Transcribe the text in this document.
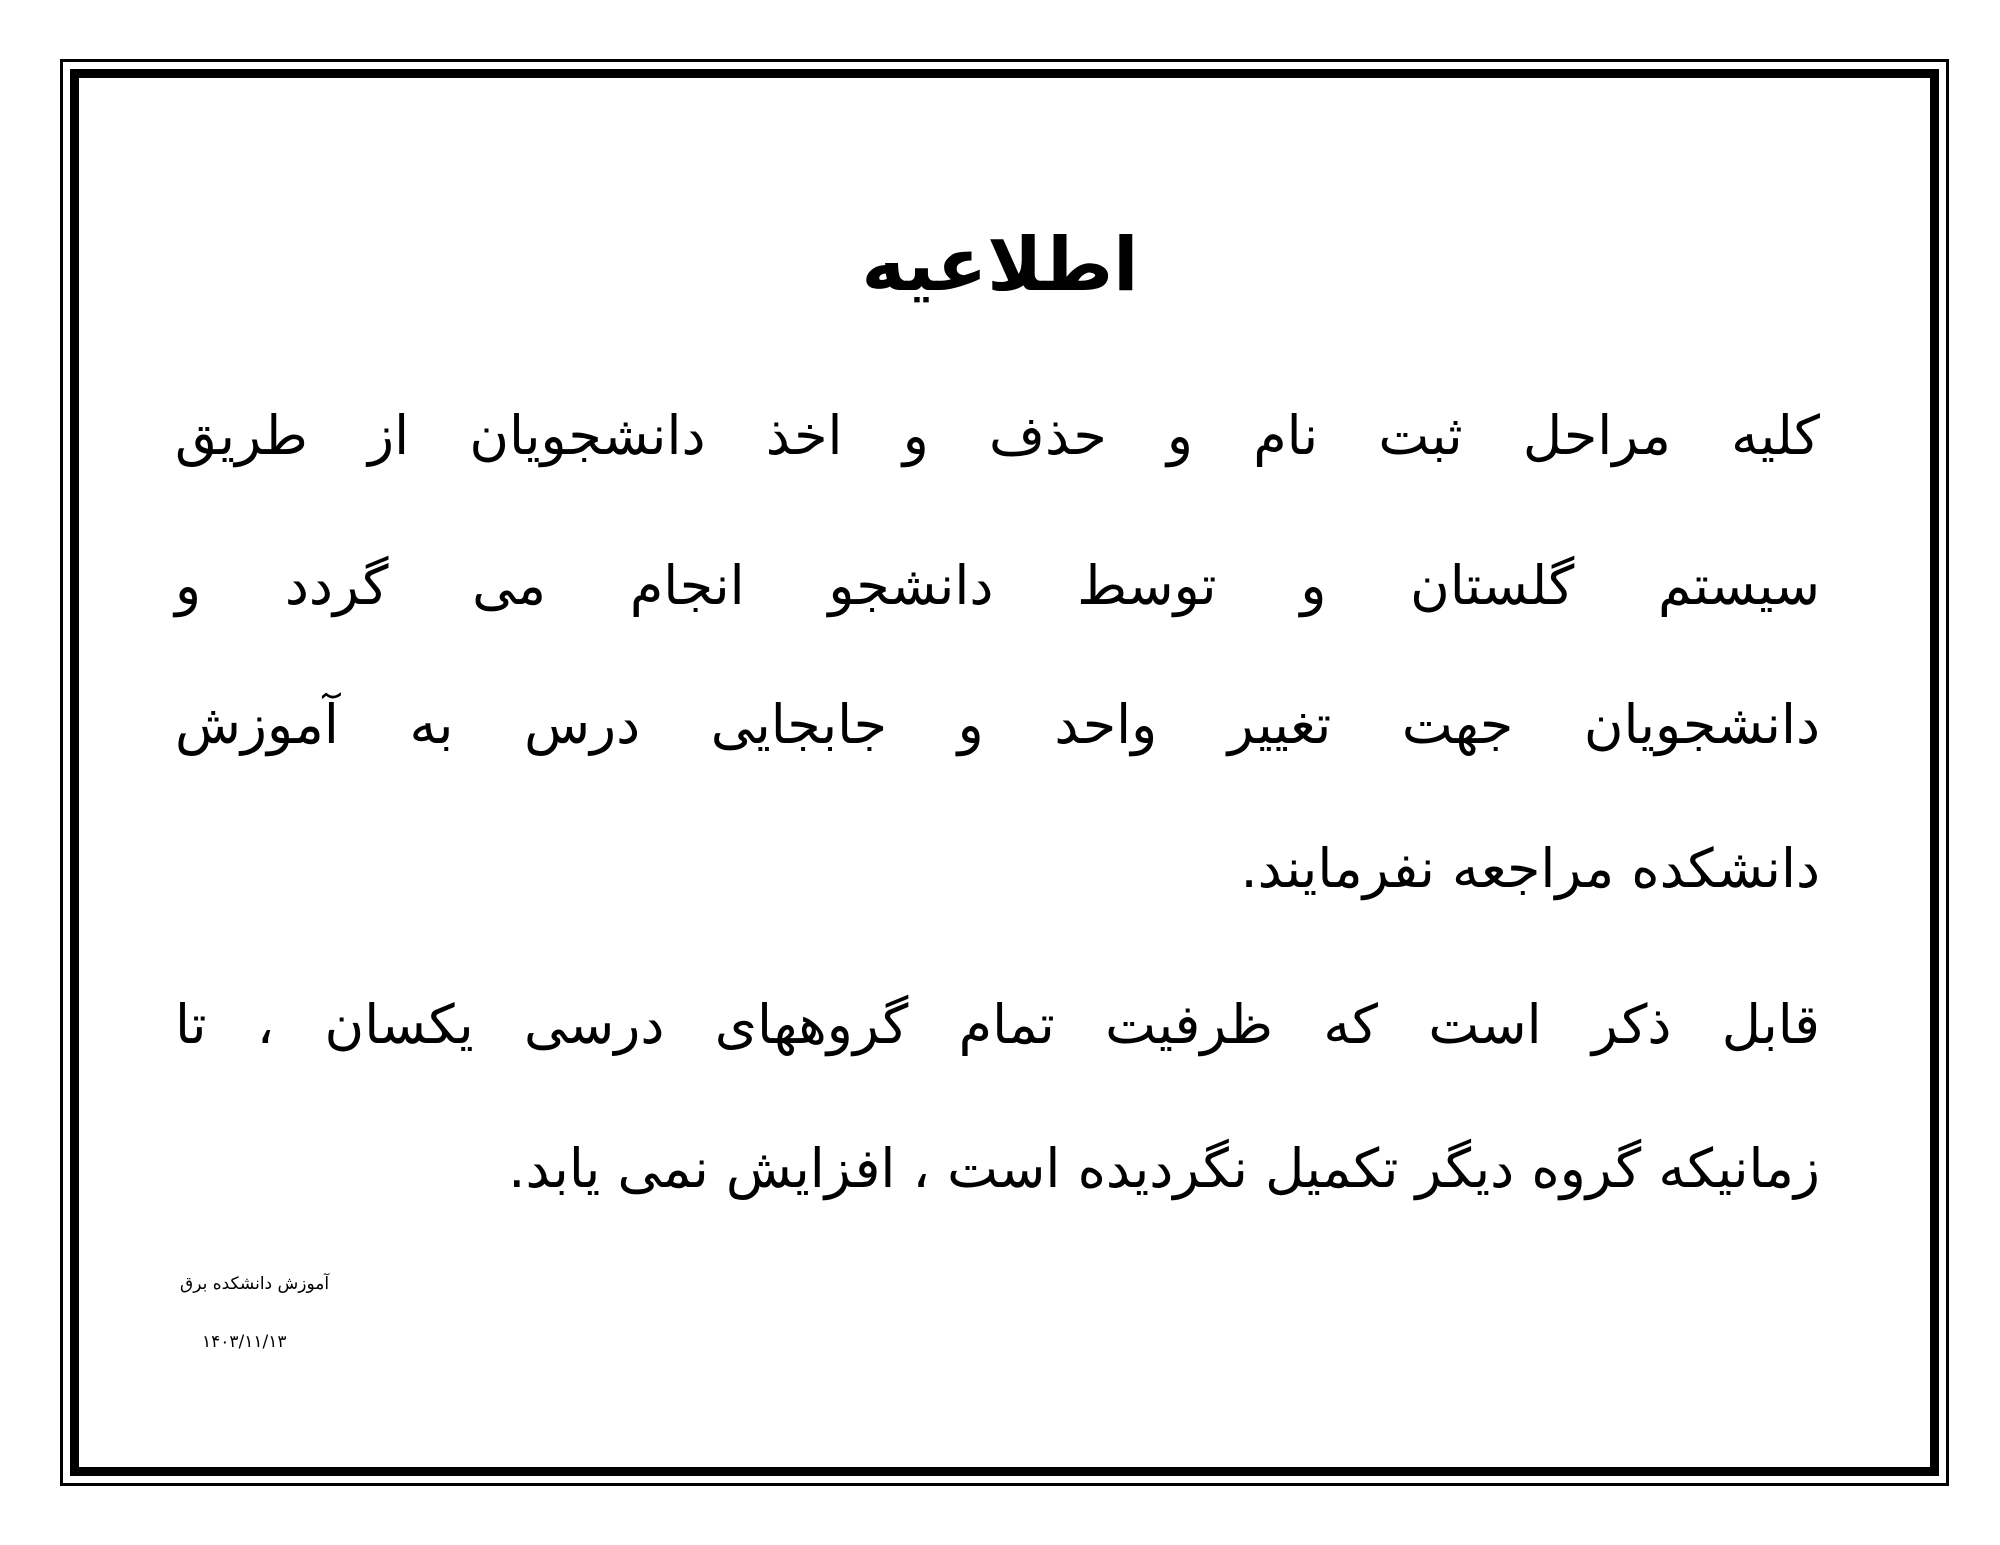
اطلاعیه
کلیه مراحل ثبت نام و حذف و اخذ دانشجویان از طریق
سیستم گلستان و توسط دانشجو انجام می گردد و
دانشجویان جهت تغییر واحد و جابجایی درس به آموزش
دانشکده مراجعه نفرمایند.
قابل ذکر است که ظرفیت تمام گروههای درسی یکسان ، تا
زمانیکه گروه دیگر تکمیل نگردیده است ، افزایش نمی یابد.
آموزش دانشکده برق
۱۴۰۳/۱۱/۱۳
